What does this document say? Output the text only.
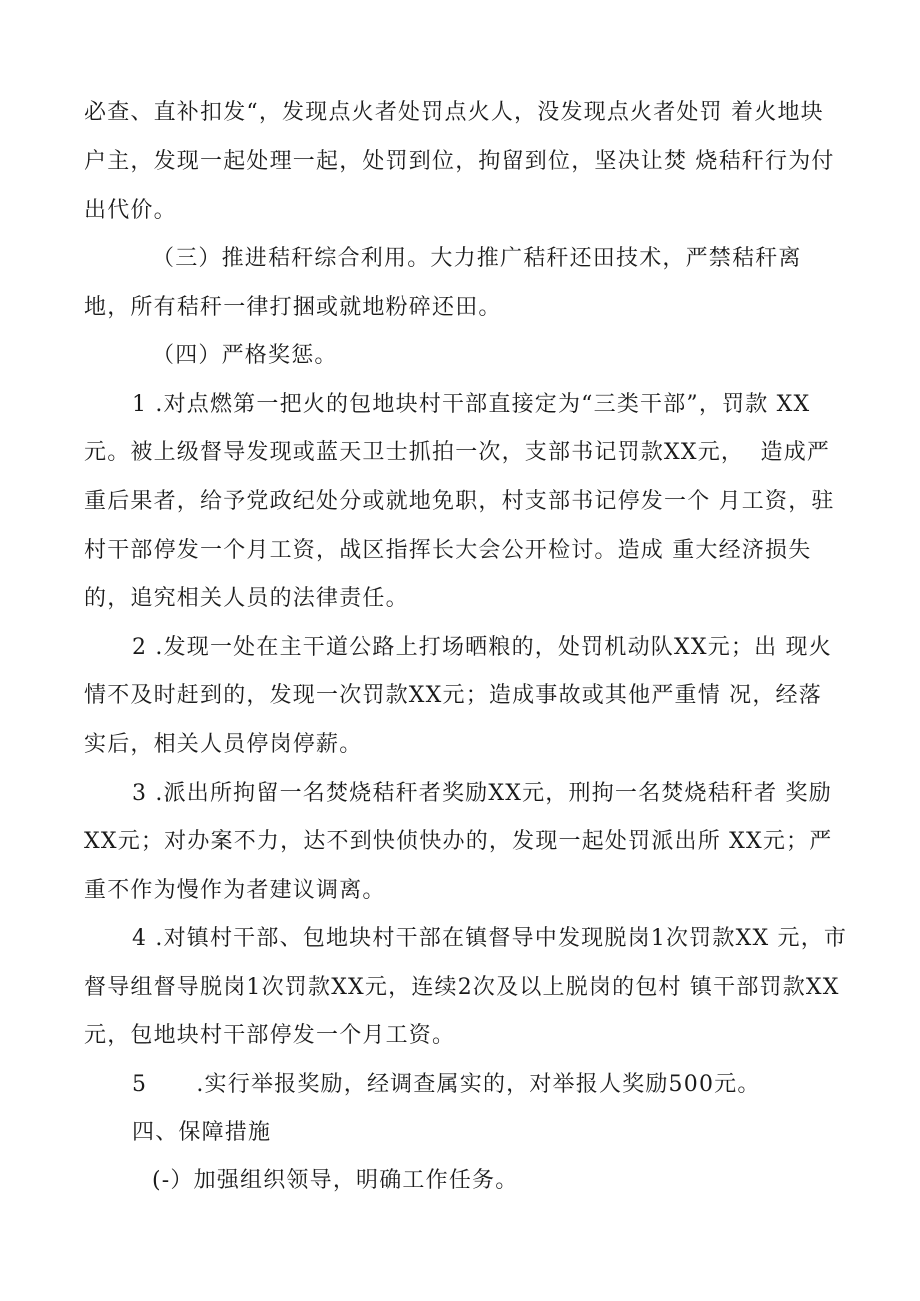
必查、直补扣发“，发现点火者处罚点火人，没发现点火者处罚 着火地块
户主，发现一起处理一起，处罚到位，拘留到位，坚决让焚 烧秸秆行为付
出代价。
（三）推进秸秆综合利用。大力推广秸秆还田技术，严禁秸秆离
地，所有秸秆一律打捆或就地粉碎还田。
（四）严格奖惩。
1 .对点燃第一把火的包地块村干部直接定为“三类干部”，罚款 XX
元。被上级督导发现或蓝天卫士抓拍一次，支部书记罚款XX元，  造成严
重后果者，给予党政纪处分或就地免职，村支部书记停发一个 月工资，驻
村干部停发一个月工资，战区指挥长大会公开检讨。造成 重大经济损失
的，追究相关人员的法律责任。
2 .发现一处在主干道公路上打场晒粮的，处罚机动队XX元；出 现火
情不及时赶到的，发现一次罚款XX元；造成事故或其他严重情 况，经落
实后，相关人员停岗停薪。
3 .派出所拘留一名焚烧秸秆者奖励XX元，刑拘一名焚烧秸秆者 奖励
XX元；对办案不力，达不到快侦快办的，发现一起处罚派出所 XX元；严
重不作为慢作为者建议调离。
4 .对镇村干部、包地块村干部在镇督导中发现脱岗1次罚款XX 元，市
督导组督导脱岗1次罚款XX元，连续2次及以上脱岗的包村 镇干部罚款XX
元，包地块村干部停发一个月工资。
5      .实行举报奖励，经调查属实的，对举报人奖励500元。
四、保障措施
(-）加强组织领导，明确工作任务。
